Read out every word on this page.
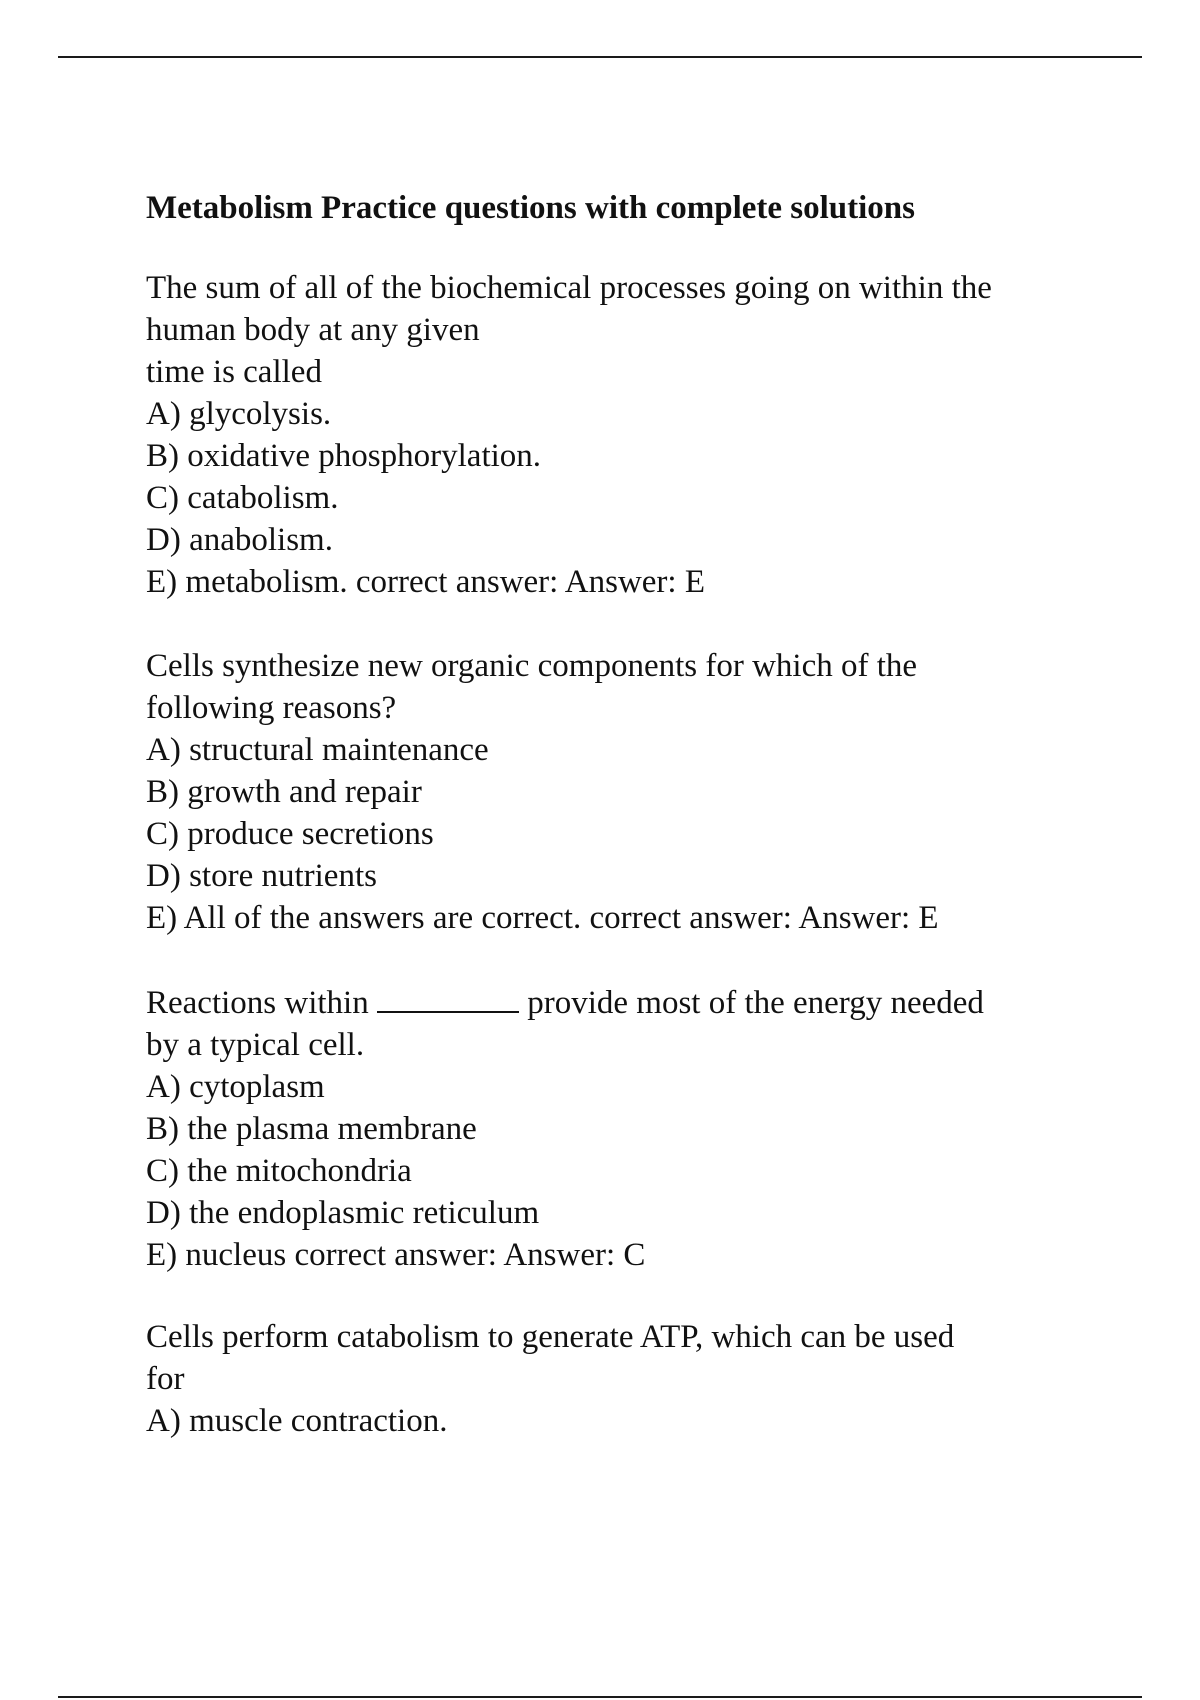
Metabolism Practice questions with complete solutions
The sum of all of the biochemical processes going on within the
human body at any given
time is called
A) glycolysis.
B) oxidative phosphorylation.
C) catabolism.
D) anabolism.
E) metabolism. correct answer: Answer: E
Cells synthesize new organic components for which of the
following reasons?
A) structural maintenance
B) growth and repair
C) produce secretions
D) store nutrients
E) All of the answers are correct. correct answer: Answer: E
Reactions within	provide most of the energy needed
by a typical cell.
A) cytoplasm
B) the plasma membrane
C) the mitochondria
D) the endoplasmic reticulum
E) nucleus correct answer: Answer: C
Cells perform catabolism to generate ATP, which can be used
for
A) muscle contraction.
